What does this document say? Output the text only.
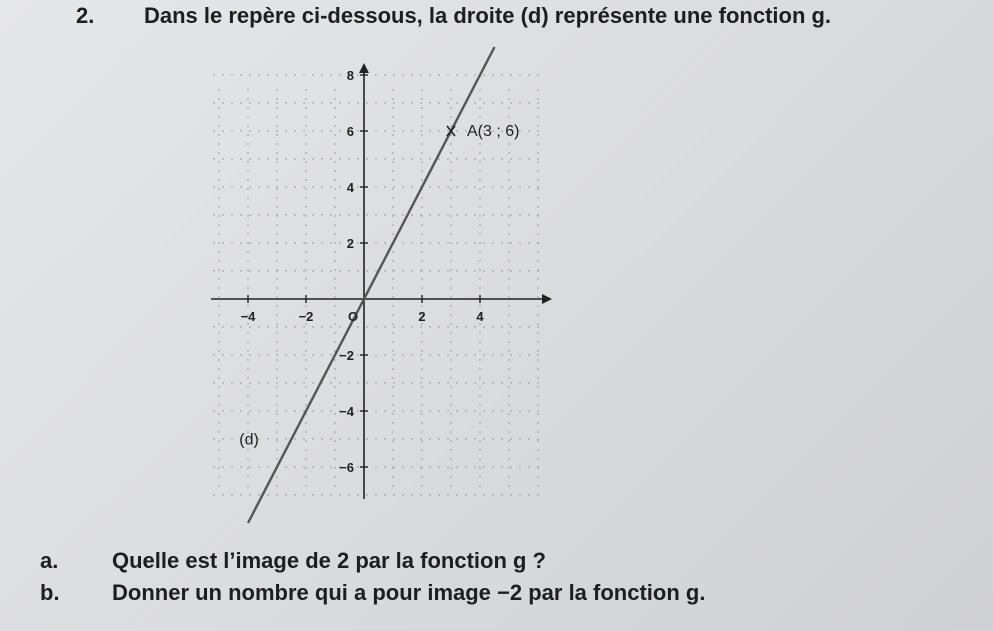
2. Dans le repère ci-dessous, la droite (d) représente une fonction g.
−4	−2	2	4
8
6
4
2
−2
−4
−6
O
A(3 ; 6)
(d)
a.	Quelle est l’image de 2 par la fonction g ?
b.	Donner un nombre qui a pour image −2 par la fonction g.
